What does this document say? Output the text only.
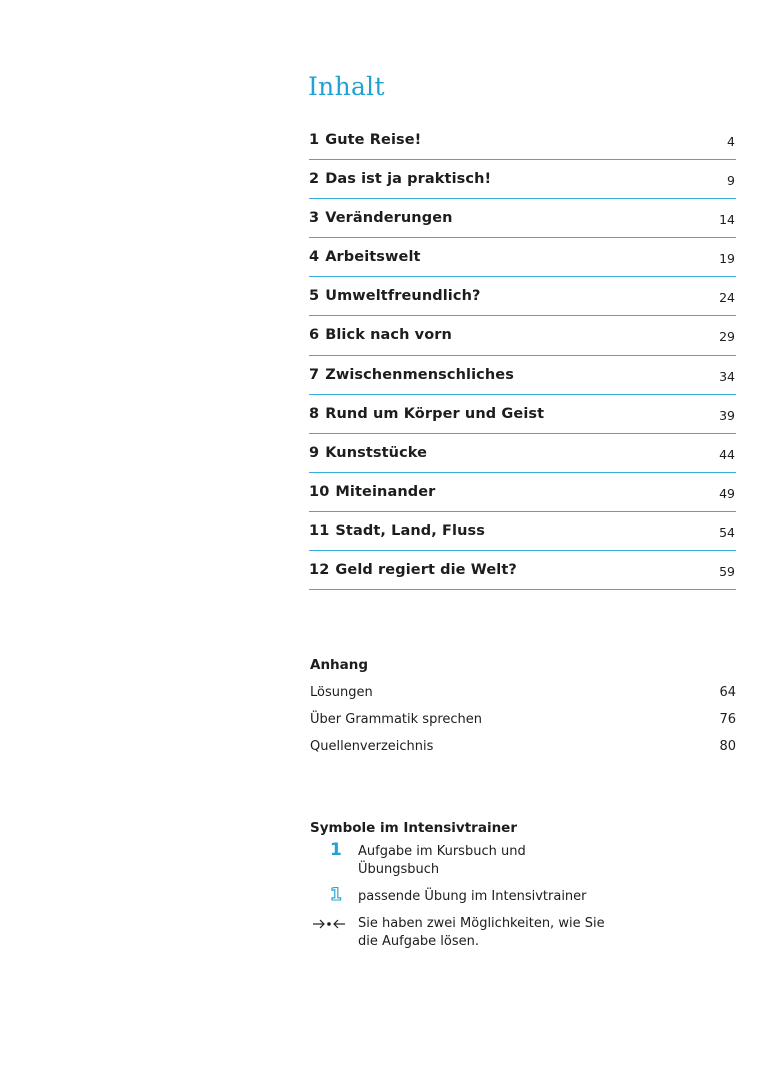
Inhalt
1 Gute Reise!	4
2 Das ist ja praktisch!	9
3 Veränderungen	14
4 Arbeitswelt	19
5 Umweltfreundlich?	24
6 Blick nach vorn	29
7 Zwischenmenschliches	34
8 Rund um Körper und Geist	39
9 Kunststücke	44
10 Miteinander	49
11 Stadt, Land, Fluss	54
12 Geld regiert die Welt?	59
Anhang
Lösungen	64
Über Grammatik sprechen	76
Quellenverzeichnis	80
Symbole im Intensivtrainer
1 Aufgabe im Kursbuch und Übungsbuch
1 passende Übung im Intensivtrainer
Sie haben zwei Möglichkeiten, wie Sie die Aufgabe lösen.
